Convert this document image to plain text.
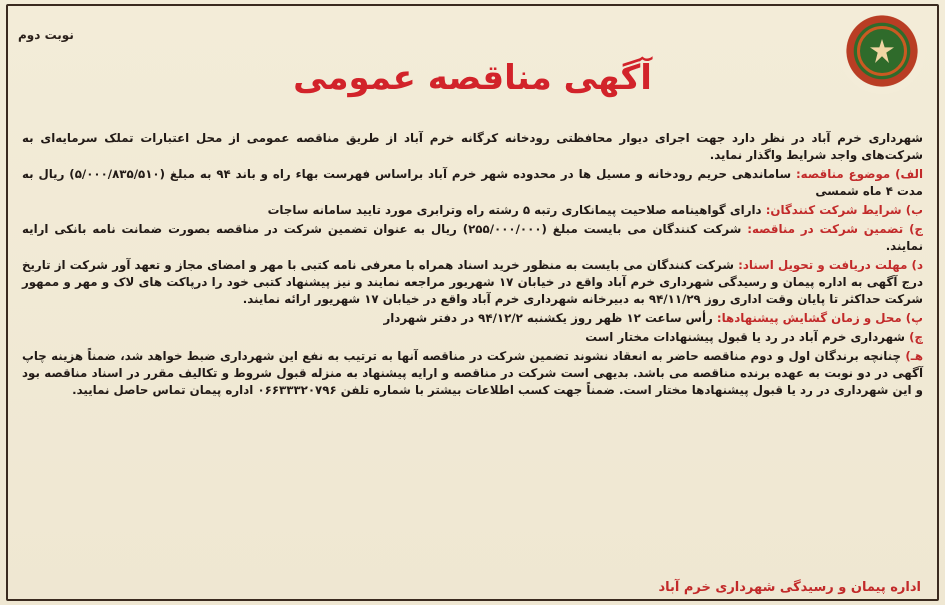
نوبت دوم
آگهی مناقصه عمومی

شهرداری خرم آباد در نظر دارد جهت اجرای دیوار محافظتی رودخانه کرگانه خرم آباد از طریق مناقصه عمومی از محل اعتبارات تملک سرمایه‌ای به شرکت‌های واجد شرایط واگذار نماید.

الف) موضوع مناقصه: ساماندهی حریم رودخانه و مسیل ها در محدوده شهر خرم آباد براساس فهرست بهاء راه و باند ۹۴ به مبلغ (۵/۰۰۰/۸۳۵/۵۱۰) ریال به مدت ۴ ماه شمسی

ب) شرایط شرکت کنندگان: دارای گواهینامه صلاحیت پیمانکاری رتبه ۵ رشته راه وترابری مورد تایید سامانه ساجات

ج) تضمین شرکت در مناقصه: شرکت کنندگان می بایست مبلغ (۲۵۵/۰۰۰/۰۰۰) ریال به عنوان تضمین شرکت در مناقصه بصورت ضمانت نامه بانکی ارایه نمایند.

د) مهلت دریافت و تحویل اسناد: شرکت کنندگان می بایست به منظور خرید اسناد همراه با معرفی نامه کتبی با مهر و امضای مجاز و تعهد آور شرکت از تاریخ درج آگهی به اداره پیمان و رسیدگی شهرداری خرم آباد واقع در خیابان ۱۷ شهریور مراجعه نمایند و نیز پیشنهاد کتبی خود را درپاکت های لاک و مهر و ممهور شرکت حداکثر تا پایان وقت اداری روز ۹۴/۱۱/۲۹ به دبیرخانه شهرداری خرم آباد واقع در خیابان ۱۷ شهریور ارائه نمایند.

پ) محل و زمان گشایش پیشنهادها: رأس ساعت ۱۲ ظهر روز یکشنبه ۹۴/۱۲/۲ در دفتر شهردار

چ) شهرداری خرم آباد در رد یا قبول پیشنهادات مختار است

هـ) چنانچه برندگان اول و دوم مناقصه حاضر به انعقاد نشوند تضمین شرکت در مناقصه آنها به ترتیب به نفع این شهرداری ضبط خواهد شد، ضمناً هزینه چاپ آگهی در دو نوبت به عهده برنده مناقصه می باشد. بدیهی است شرکت در مناقصه و ارایه پیشنهاد به منزله قبول شروط و تکالیف مقرر در اسناد مناقصه بود و این شهرداری در رد یا قبول پیشنهادها مختار است. ضمناً جهت کسب اطلاعات بیشتر با شماره تلفن ۰۶۶۳۳۳۲۰۷۹۶ اداره پیمان تماس حاصل نمایید.

اداره پیمان و رسیدگی شهرداری خرم آباد
